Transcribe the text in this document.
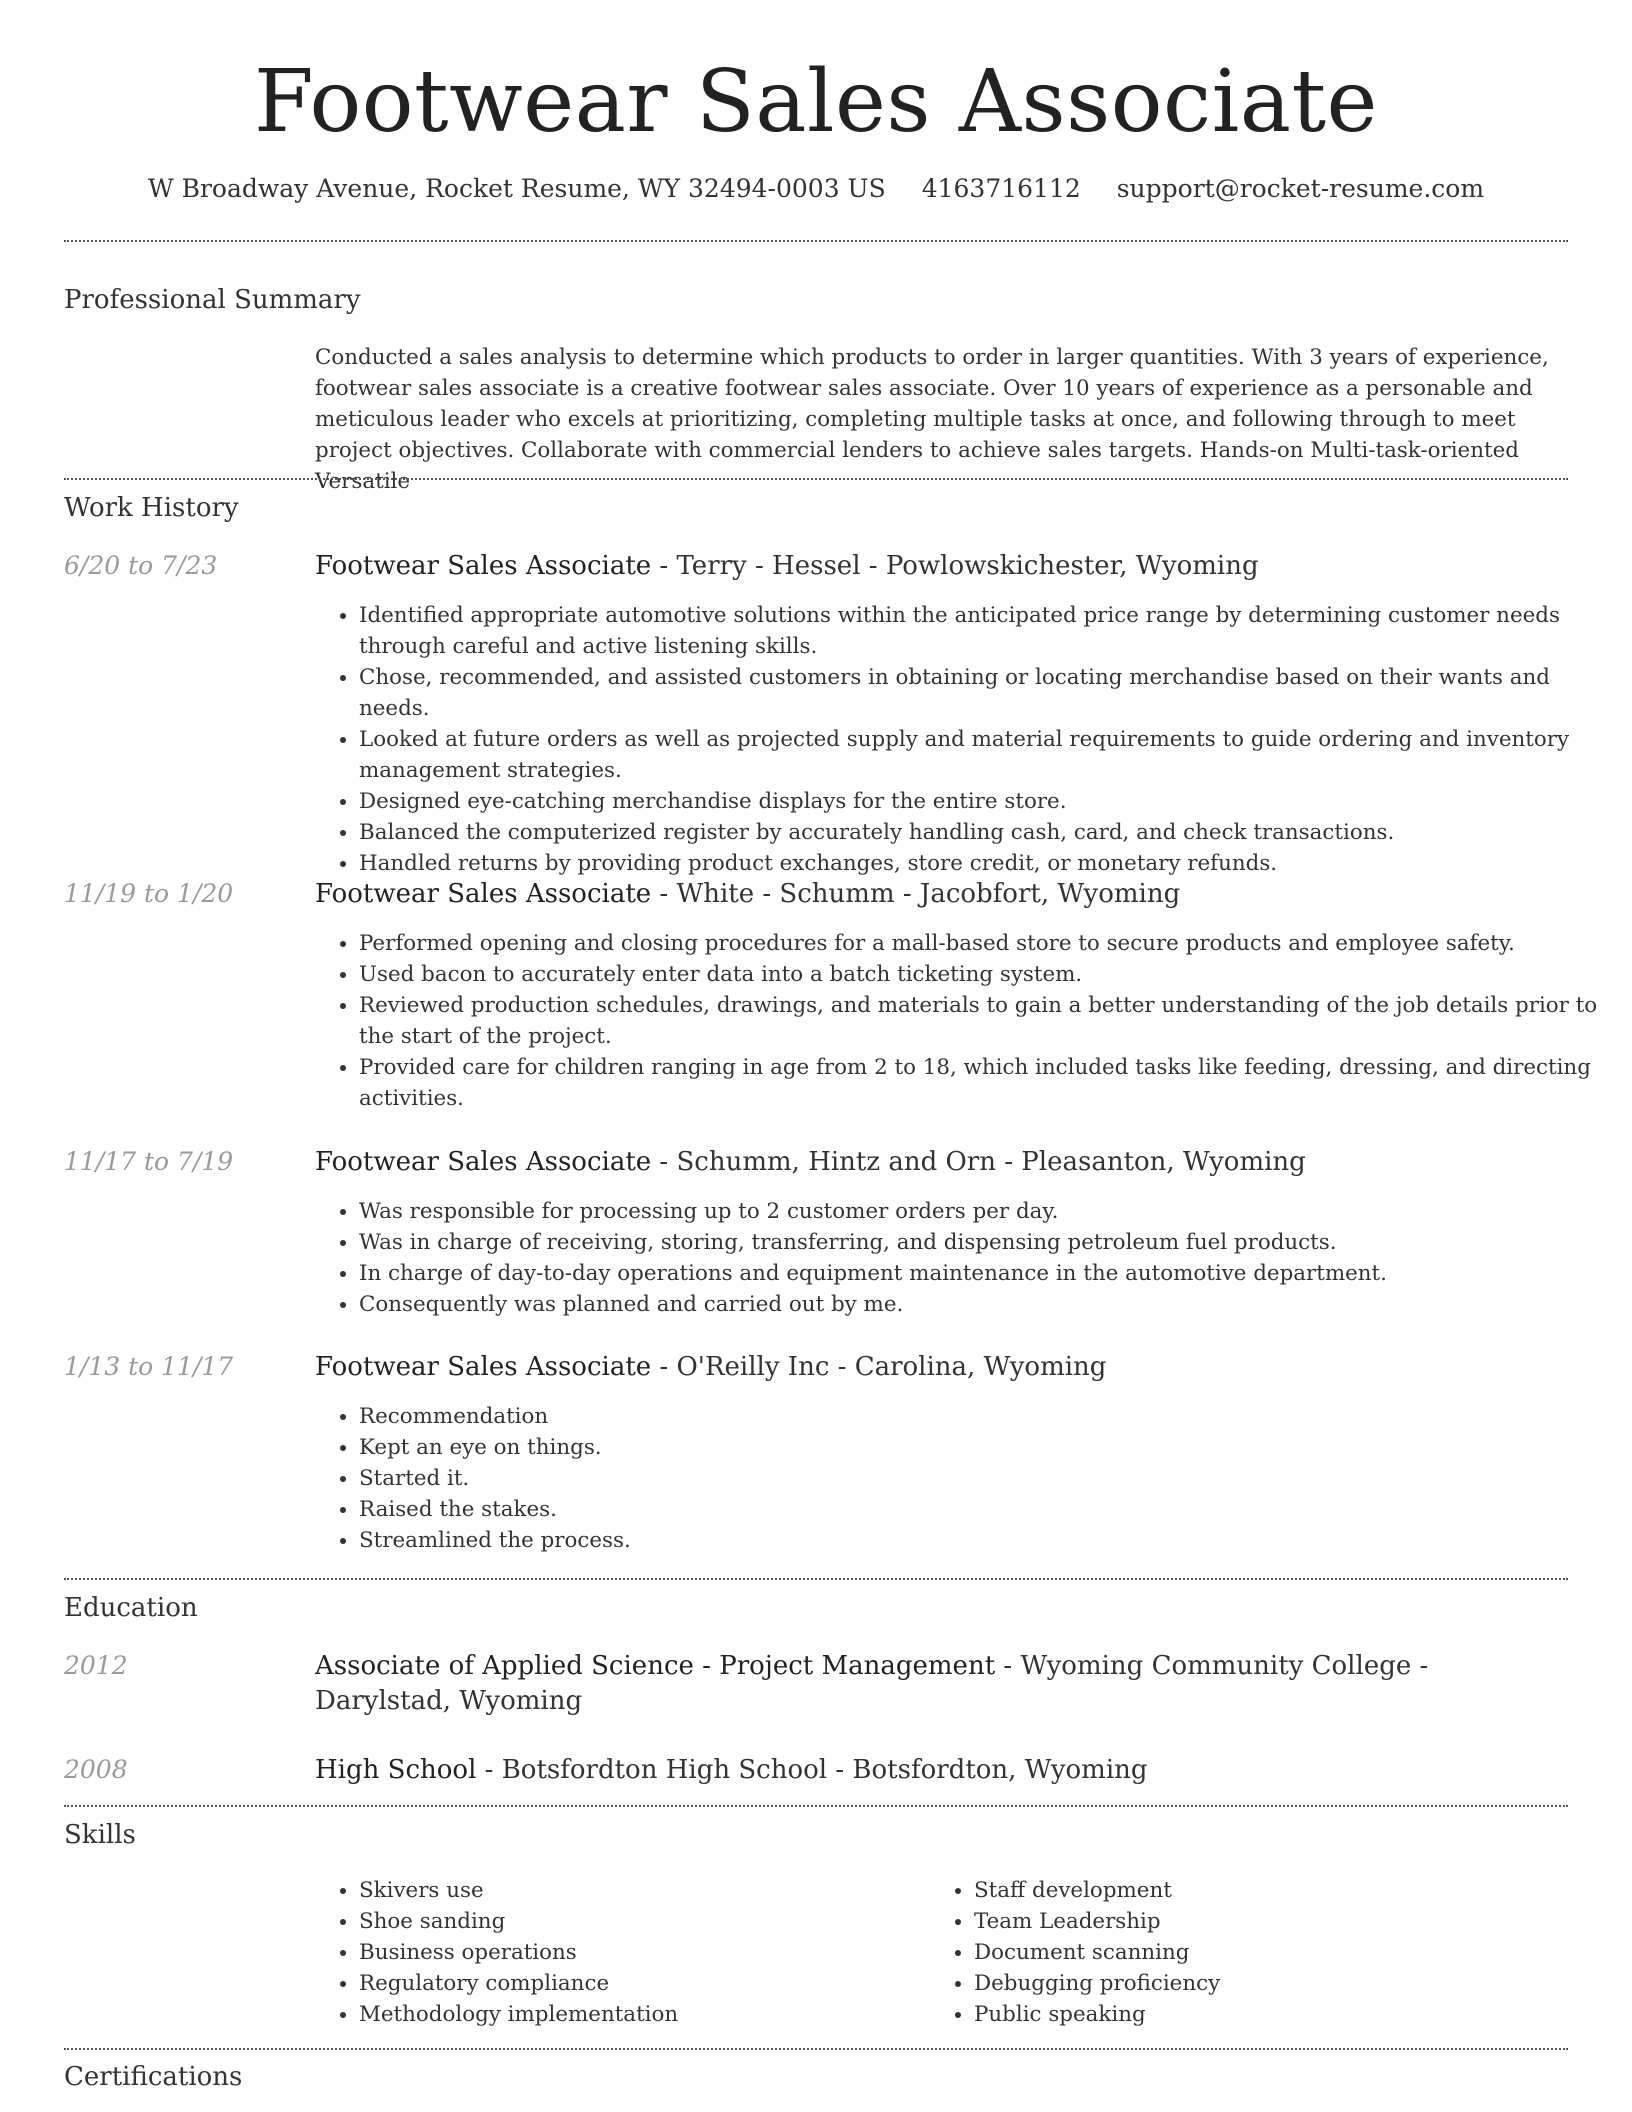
Footwear Sales Associate
W Broadway Avenue, Rocket Resume, WY 32494-0003 US 4163716112 support@rocket-resume.com
Professional Summary

Conducted a sales analysis to determine which products to order in larger quantities. With 3 years of experience, footwear sales associate is a creative footwear sales associate. Over 10 years of experience as a personable and meticulous leader who excels at prioritizing, completing multiple tasks at once, and following through to meet project objectives. Collaborate with commercial lenders to achieve sales targets. Hands-on Multi-task-oriented Versatile

Work History
6/20 to 7/23	Footwear Sales Associate - Terry - Hessel - Powlowskichester, Wyoming
• Identified appropriate automotive solutions within the anticipated price range by determining customer needs through careful and active listening skills.
• Chose, recommended, and assisted customers in obtaining or locating merchandise based on their wants and needs.
• Looked at future orders as well as projected supply and material requirements to guide ordering and inventory management strategies.
• Designed eye-catching merchandise displays for the entire store.
• Balanced the computerized register by accurately handling cash, card, and check transactions.
• Handled returns by providing product exchanges, store credit, or monetary refunds.
11/19 to 1/20	Footwear Sales Associate - White - Schumm - Jacobfort, Wyoming
• Performed opening and closing procedures for a mall-based store to secure products and employee safety.
• Used bacon to accurately enter data into a batch ticketing system.
• Reviewed production schedules, drawings, and materials to gain a better understanding of the job details prior to the start of the project.
• Provided care for children ranging in age from 2 to 18, which included tasks like feeding, dressing, and directing activities.
11/17 to 7/19	Footwear Sales Associate - Schumm, Hintz and Orn - Pleasanton, Wyoming
• Was responsible for processing up to 2 customer orders per day.
• Was in charge of receiving, storing, transferring, and dispensing petroleum fuel products.
• In charge of day-to-day operations and equipment maintenance in the automotive department.
• Consequently was planned and carried out by me.
1/13 to 11/17	Footwear Sales Associate - O'Reilly Inc - Carolina, Wyoming
• Recommendation
• Kept an eye on things.
• Started it.
• Raised the stakes.
• Streamlined the process.
Education
2012	Associate of Applied Science - Project Management - Wyoming Community College - Darylstad, Wyoming
2008	High School - Botsfordton High School - Botsfordton, Wyoming
Skills
• Skivers use
• Shoe sanding
• Business operations
• Regulatory compliance
• Methodology implementation
• Staff development
• Team Leadership
• Document scanning
• Debugging proficiency
• Public speaking
Certifications
